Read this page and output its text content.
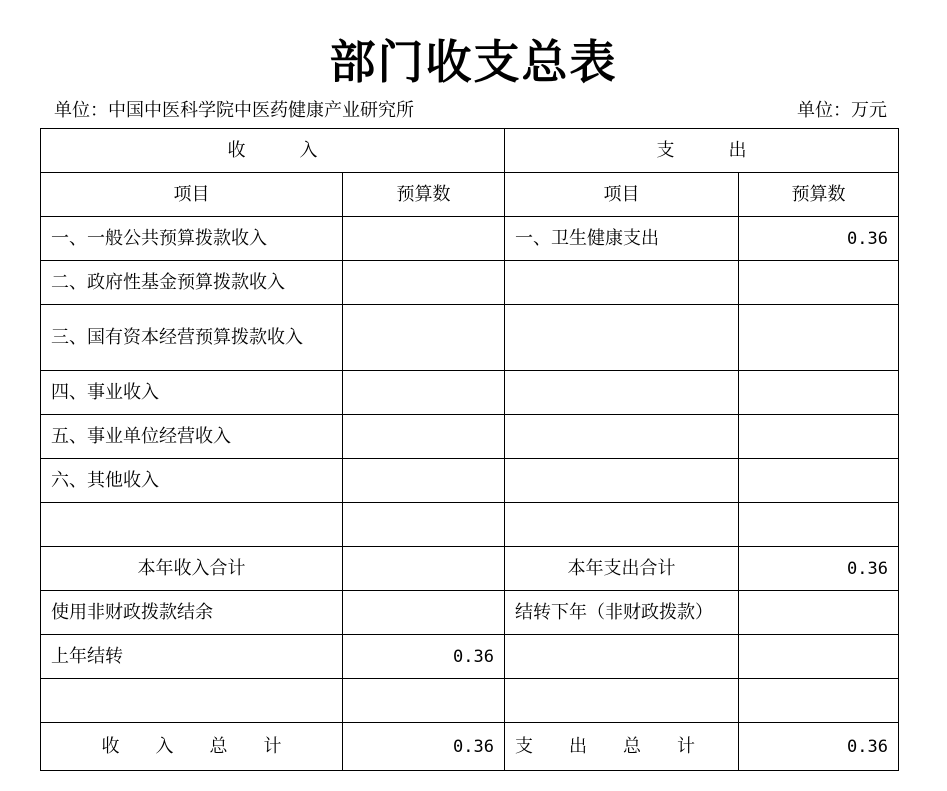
部门收支总表
单位：中国中医科学院中医药健康产业研究所	单位：万元
收　　　入		支　　　出	
项目	预算数	项目	预算数
一、一般公共预算拨款收入		一、卫生健康支出	0.36
二、政府性基金预算拨款收入			
三、国有资本经营预算拨款收入			
四、事业收入			
五、事业单位经营收入			
六、其他收入			

本年收入合计		本年支出合计	0.36
使用非财政拨款结余		结转下年（非财政拨款）	
上年结转	0.36		

收　　入　　总　　计	0.36	支　　出　　总　　计	0.36
